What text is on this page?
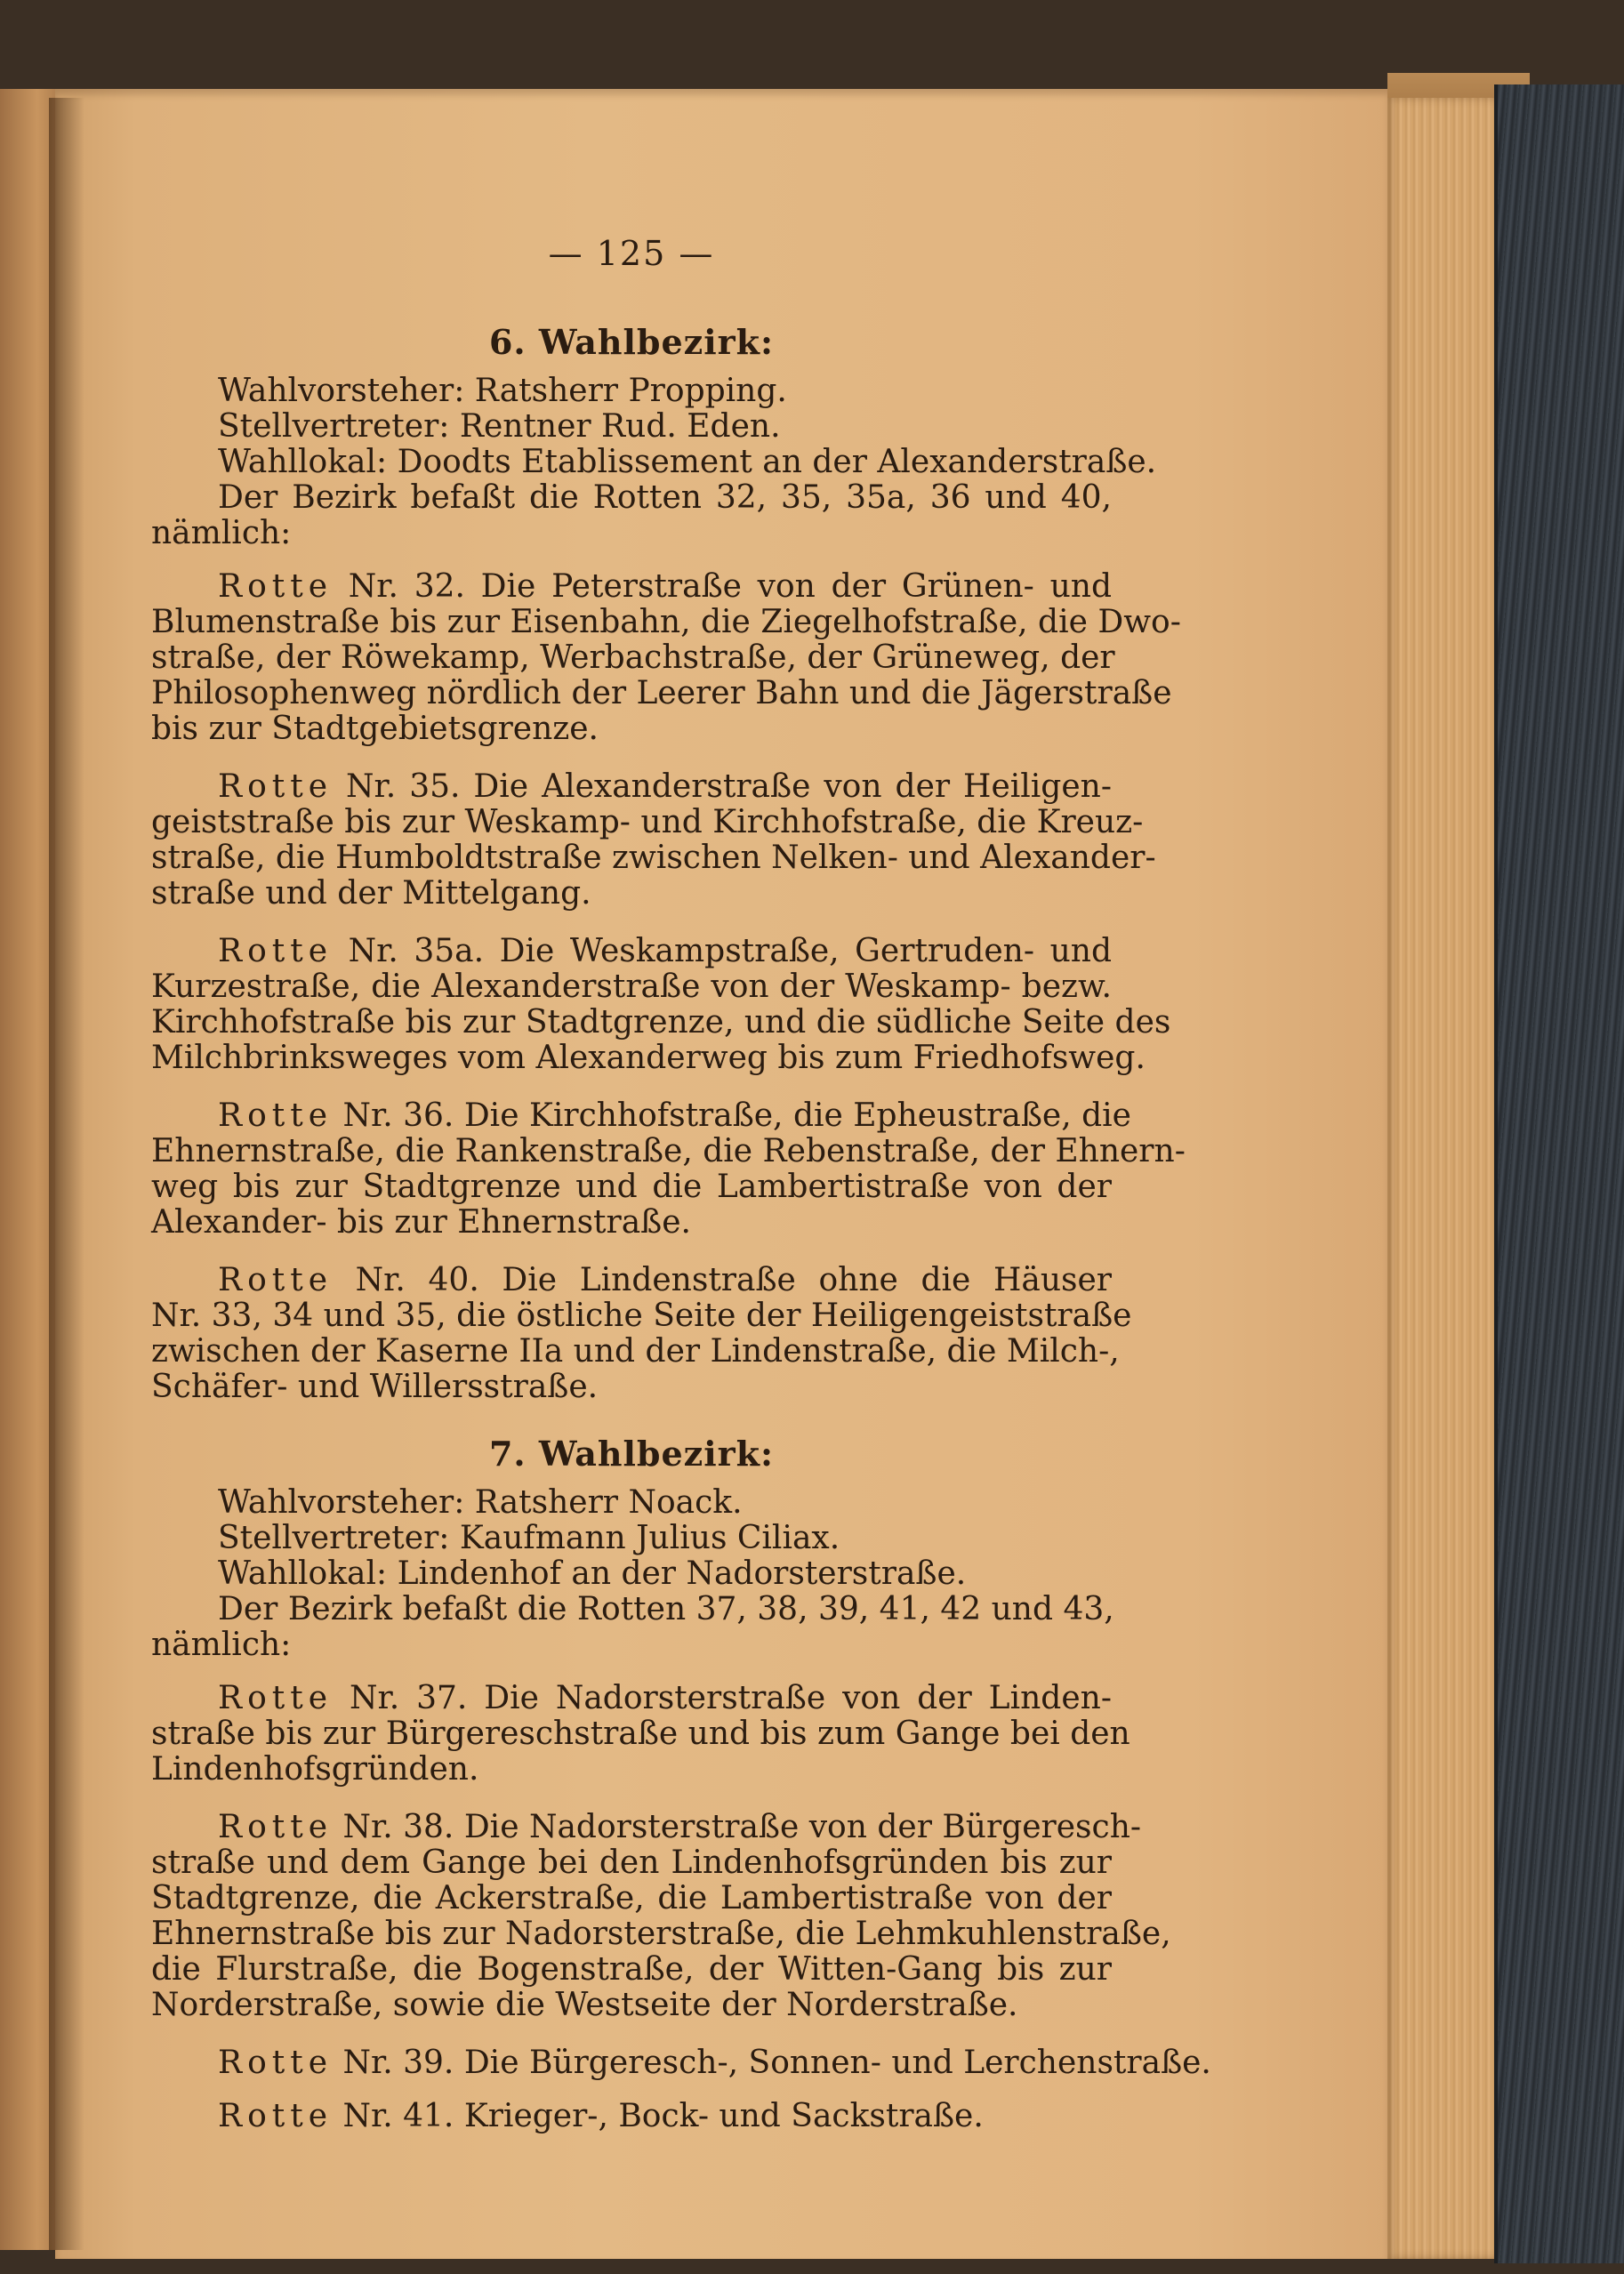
— 125 —
6. Wahlbezirk:
Wahlvorsteher: Ratsherr Propping.
Stellvertreter: Rentner Rud. Eden.
Wahllokal: Doodts Etablissement an der Alexanderstraße.
Der Bezirk befaßt die Rotten 32, 35, 35a, 36 und 40,
nämlich:
Rotte Nr. 32. Die Peterstraße von der Grünen- und
Blumenstraße bis zur Eisenbahn, die Ziegelhofstraße, die Dwo-
straße, der Röwekamp, Werbachstraße, der Grüneweg, der
Philosophenweg nördlich der Leerer Bahn und die Jägerstraße
bis zur Stadtgebietsgrenze.
Rotte Nr. 35. Die Alexanderstraße von der Heiligen-
geiststraße bis zur Weskamp- und Kirchhofstraße, die Kreuz-
straße, die Humboldtstraße zwischen Nelken- und Alexander-
straße und der Mittelgang.
Rotte Nr. 35a. Die Weskampstraße, Gertruden- und
Kurzestraße, die Alexanderstraße von der Weskamp- bezw.
Kirchhofstraße bis zur Stadtgrenze, und die südliche Seite des
Milchbrinksweges vom Alexanderweg bis zum Friedhofsweg.
Rotte Nr. 36. Die Kirchhofstraße, die Epheustraße, die
Ehnernstraße, die Rankenstraße, die Rebenstraße, der Ehnern-
weg bis zur Stadtgrenze und die Lambertistraße von der
Alexander- bis zur Ehnernstraße.
Rotte Nr. 40. Die Lindenstraße ohne die Häuser
Nr. 33, 34 und 35, die östliche Seite der Heiligengeiststraße
zwischen der Kaserne IIa und der Lindenstraße, die Milch-,
Schäfer- und Willersstraße.
7. Wahlbezirk:
Wahlvorsteher: Ratsherr Noack.
Stellvertreter: Kaufmann Julius Ciliax.
Wahllokal: Lindenhof an der Nadorsterstraße.
Der Bezirk befaßt die Rotten 37, 38, 39, 41, 42 und 43,
nämlich:
Rotte Nr. 37. Die Nadorsterstraße von der Linden-
straße bis zur Bürgereschstraße und bis zum Gange bei den
Lindenhofsgründen.
Rotte Nr. 38. Die Nadorsterstraße von der Bürgeresch-
straße und dem Gange bei den Lindenhofsgründen bis zur
Stadtgrenze, die Ackerstraße, die Lambertistraße von der
Ehnernstraße bis zur Nadorsterstraße, die Lehmkuhlenstraße,
die Flurstraße, die Bogenstraße, der Witten-Gang bis zur
Norderstraße, sowie die Westseite der Norderstraße.
Rotte Nr. 39. Die Bürgeresch-, Sonnen- und Lerchenstraße.
Rotte Nr. 41. Krieger-, Bock- und Sackstraße.
